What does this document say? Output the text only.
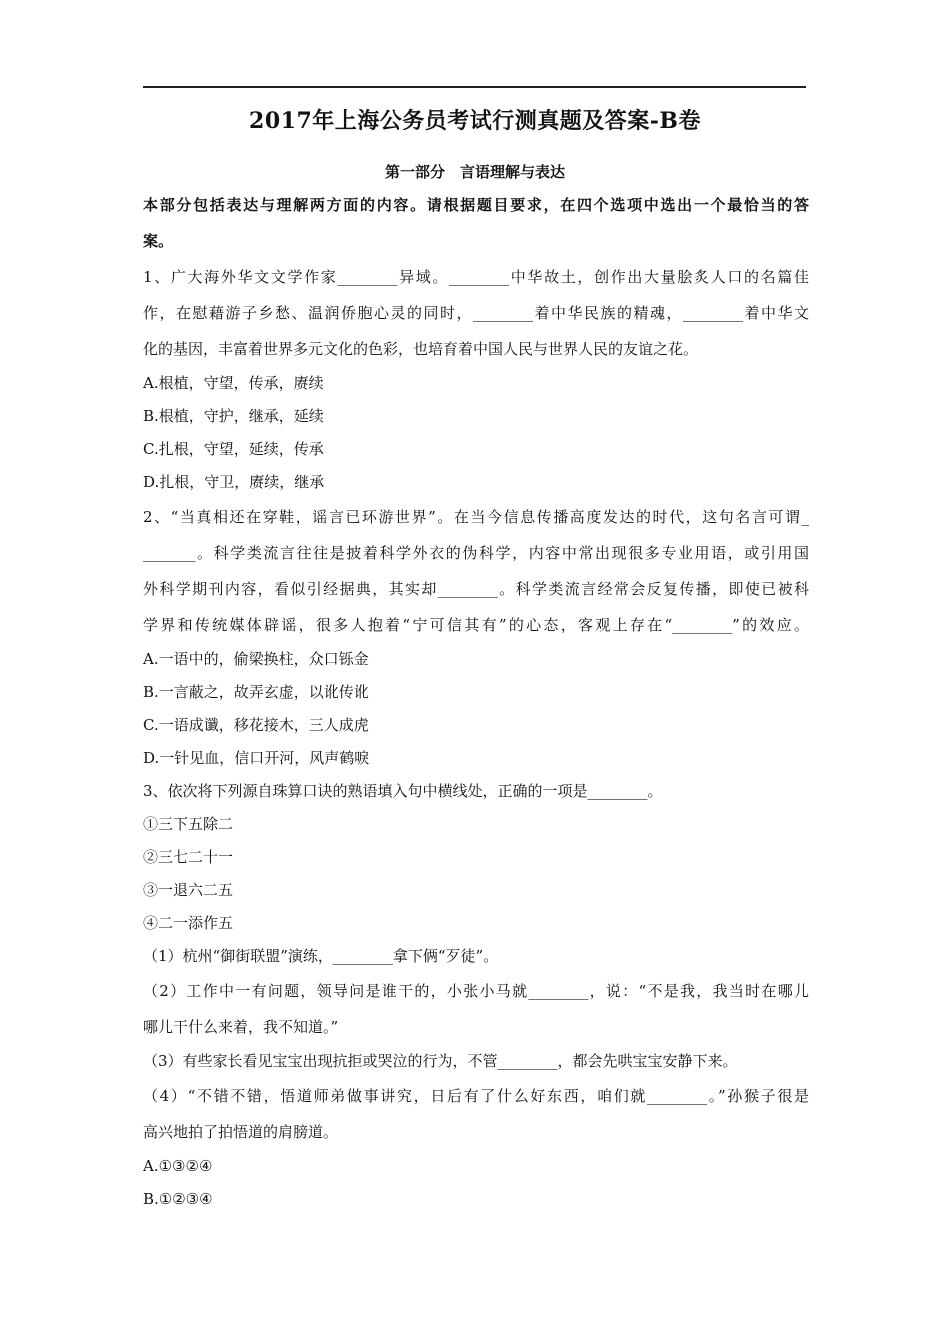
2017年上海公务员考试行测真题及答案-B卷
第一部分　言语理解与表达
本部分包括表达与理解两方面的内容。请根据题目要求，在四个选项中选出一个最恰当的答
案。
1、广大海外华文文学作家________异域。________中华故土，创作出大量脍炙人口的名篇佳
作，在慰藉游子乡愁、温润侨胞心灵的同时，________着中华民族的精魂，________着中华文
化的基因，丰富着世界多元文化的色彩，也培育着中国人民与世界人民的友谊之花。
A.根植，守望，传承，赓续
B.根植，守护，继承，延续
C.扎根，守望，延续，传承
D.扎根，守卫，赓续，继承
2、“当真相还在穿鞋，谣言已环游世界”。在当今信息传播高度发达的时代，这句名言可谓_
_______。科学类流言往往是披着科学外衣的伪科学，内容中常出现很多专业用语，或引用国
外科学期刊内容，看似引经据典，其实却________。科学类流言经常会反复传播，即使已被科
学界和传统媒体辟谣，很多人抱着“宁可信其有”的心态，客观上存在“________”的效应。
A.一语中的，偷梁换柱，众口铄金
B.一言蔽之，故弄玄虚，以讹传讹
C.一语成谶，移花接木，三人成虎
D.一针见血，信口开河，风声鹤唳
3、依次将下列源自珠算口诀的熟语填入句中横线处，正确的一项是________。
①三下五除二
②三七二十一
③一退六二五
④二一添作五
（1）杭州“御街联盟”演练，________拿下俩“歹徒”。
（2）工作中一有问题，领导问是谁干的，小张小马就________，说：“不是我，我当时在哪儿
哪儿干什么来着，我不知道。”
（3）有些家长看见宝宝出现抗拒或哭泣的行为，不管________，都会先哄宝宝安静下来。
（4）“不错不错，悟道师弟做事讲究，日后有了什么好东西，咱们就________。”孙猴子很是
高兴地拍了拍悟道的肩膀道。
A.①③②④
B.①②③④
